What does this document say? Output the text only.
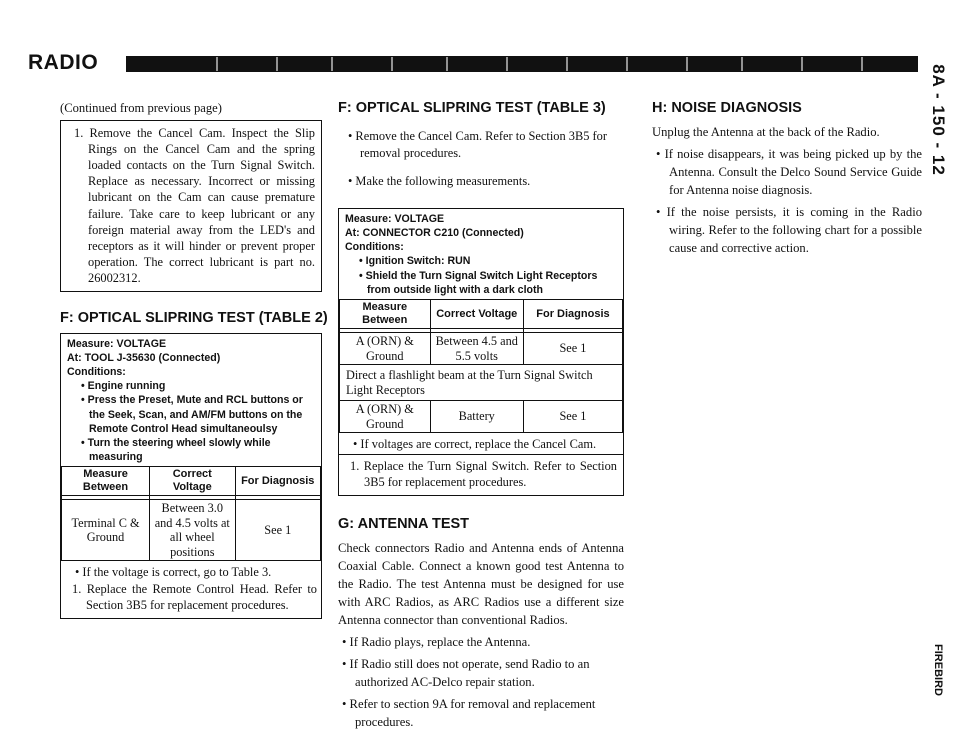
RADIO
8A - 150 - 12
FIREBIRD

(Continued from previous page)

1. Remove the Cancel Cam. Inspect the Slip Rings on the Cancel Cam and the spring loaded contacts on the Turn Signal Switch. Replace as necessary. Incorrect or missing lubricant on the Cam can cause premature failure. Take care to keep lubricant or any foreign material away from the LED's and receptors as it will hinder or prevent proper operation. The correct lubricant is part no. 26002312.

F: OPTICAL SLIPRING TEST (TABLE 2)

Measure: VOLTAGE

At: TOOL J-35630 (Connected)

Conditions:

• Engine running

• Press the Preset, Mute and RCL buttons or the Seek, Scan, and AM/FM buttons on the Remote Control Head simultaneoulsy

• Turn the steering wheel slowly while measuring

Measure Between	Correct Voltage	For Diagnosis

Terminal C & Ground	Between 3.0 and 4.5 volts at all wheel positions	See 1

• If the voltage is correct, go to Table 3.

1. Replace the Remote Control Head. Refer to Section 3B5 for replacement procedures.

F: OPTICAL SLIPRING TEST (TABLE 3)

• Remove the Cancel Cam. Refer to Section 3B5 for removal procedures.

• Make the following measurements.

Measure: VOLTAGE

At: CONNECTOR C210 (Connected)

Conditions:

• Ignition Switch: RUN

• Shield the Turn Signal Switch Light Receptors from outside light with a dark cloth

Measure Between	Correct Voltage	For Diagnosis

A (ORN) & Ground	Between 4.5 and 5.5 volts	See 1
Direct a flashlight beam at the Turn Signal Switch Light Receptors		
A (ORN) & Ground	Battery	See 1

• If voltages are correct, replace the Cancel Cam.

1. Replace the Turn Signal Switch. Refer to Section 3B5 for replacement procedures.

G: ANTENNA TEST

Check connectors Radio and Antenna ends of Antenna Coaxial Cable. Connect a known good test Antenna to the Radio. The test Antenna must be designed for use with ARC Radios, as ARC Radios use a different size Antenna connector than conventional Radios.

• If Radio plays, replace the Antenna.

• If Radio still does not operate, send Radio to an authorized AC-Delco repair station.

• Refer to section 9A for removal and replacement procedures.

H: NOISE DIAGNOSIS

Unplug the Antenna at the back of the Radio.

• If noise disappears, it was being picked up by the Antenna. Consult the Delco Sound Service Guide for Antenna noise diagnosis.

• If the noise persists, it is coming in the Radio wiring. Refer to the following chart for a possible cause and corrective action.
